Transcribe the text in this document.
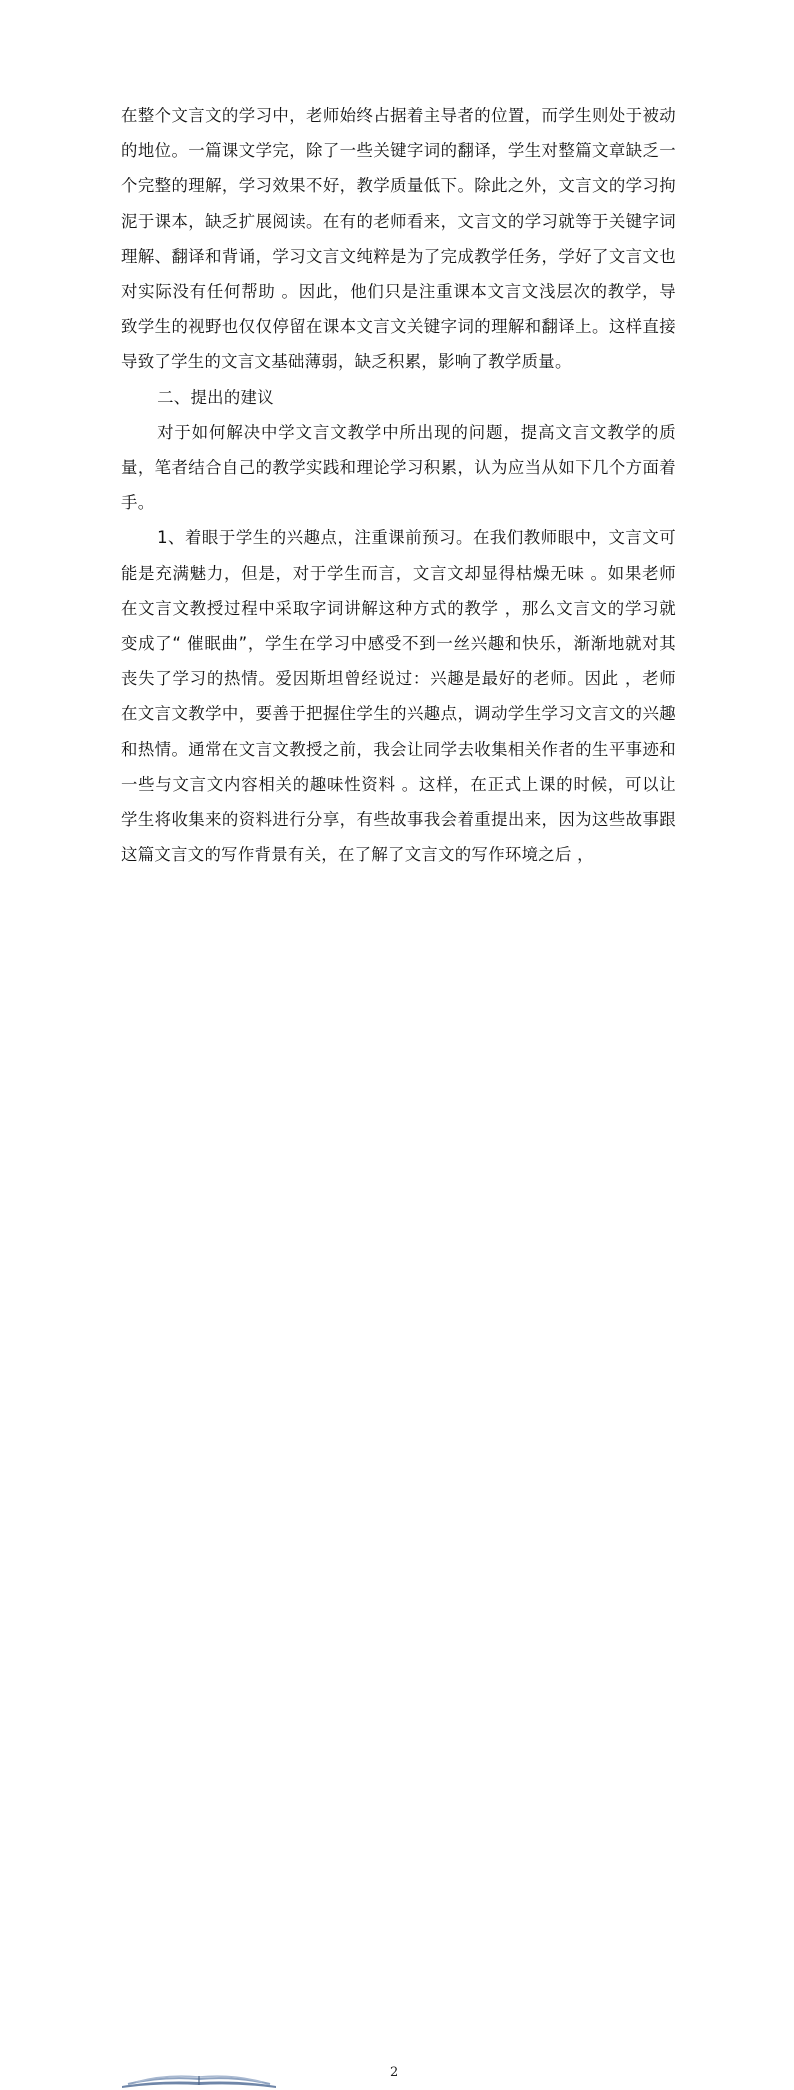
在整个文言文的学习中，老师始终占据着主导者的位置，而学生则处于被动的地位。一篇课文学完，除了一些关键字词的翻译，学生对整篇文章缺乏一个完整的理解，学习效果不好，教学质量低下。除此之外，文言文的学习拘泥于课本，缺乏扩展阅读。在有的老师看来，文言文的学习就等于关键字词理解、翻译和背诵，学习文言文纯粹是为了完成教学任务，学好了文言文也对实际没有任何帮助 。因此，他们只是注重课本文言文浅层次的教学，导致学生的视野也仅仅停留在课本文言文关键字词的理解和翻译上。这样直接导致了学生的文言文基础薄弱，缺乏积累，影响了教学质量。

二、提出的建议

对于如何解决中学文言文教学中所出现的问题，提高文言文教学的质量，笔者结合自己的教学实践和理论学习积累，认为应当从如下几个方面着手。

1、着眼于学生的兴趣点，注重课前预习。在我们教师眼中，文言文可能是充满魅力，但是，对于学生而言，文言文却显得枯燥无味 。如果老师在文言文教授过程中采取字词讲解这种方式的教学 ，那么文言文的学习就变成了“ 催眠曲”，学生在学习中感受不到一丝兴趣和快乐，渐渐地就对其丧失了学习的热情。爱因斯坦曾经说过：兴趣是最好的老师。因此 ，老师在文言文教学中，要善于把握住学生的兴趣点，调动学生学习文言文的兴趣和热情。通常在文言文教授之前，我会让同学去收集相关作者的生平事迹和一些与文言文内容相关的趣味性资料 。这样，在正式上课的时候，可以让学生将收集来的资料进行分享，有些故事我会着重提出来，因为这些故事跟这篇文言文的写作背景有关，在了解了文言文的写作环境之后 ，

2
